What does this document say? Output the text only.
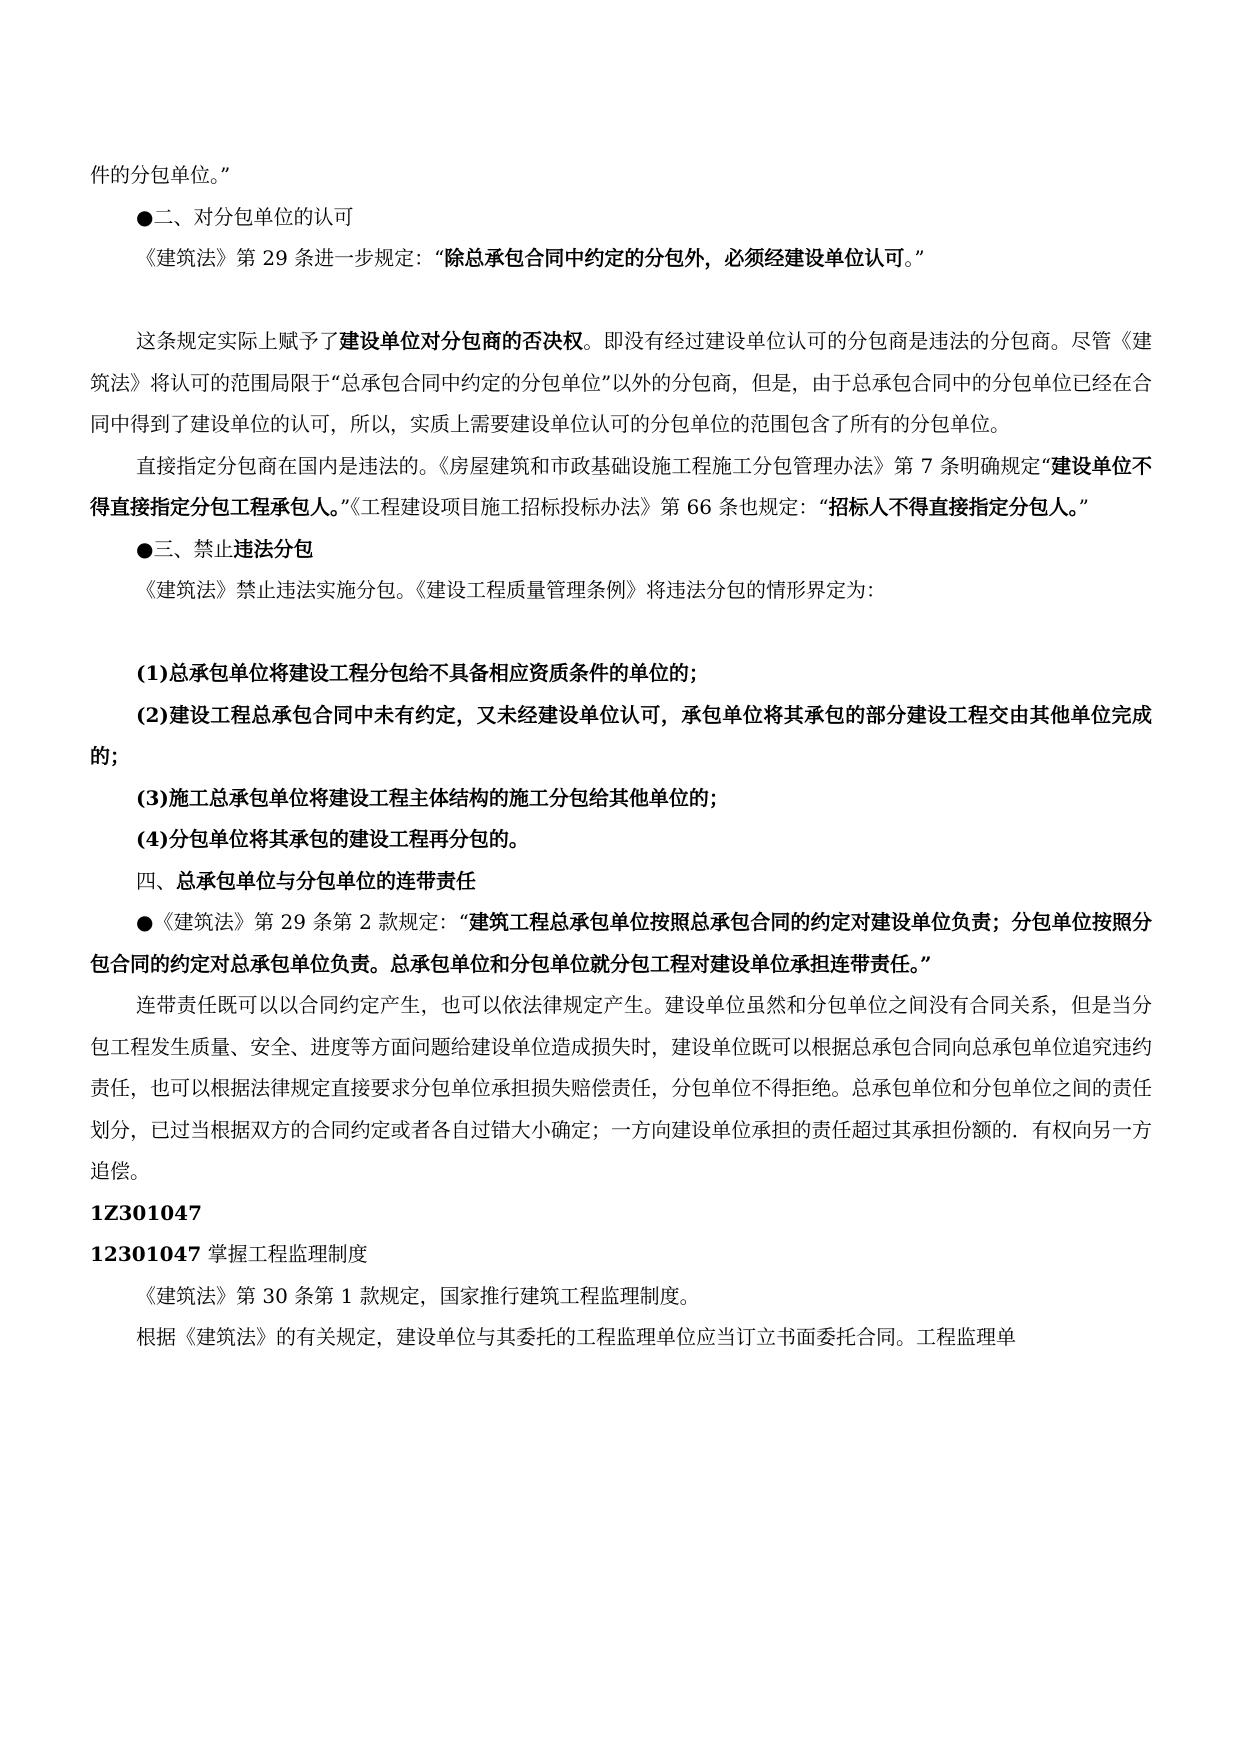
件的分包单位。”

●二、对分包单位的认可

《建筑法》第 29 条进一步规定：“除总承包合同中约定的分包外，必须经建设单位认可。”

这条规定实际上赋予了建设单位对分包商的否决权。即没有经过建设单位认可的分包商是违法的分包商。尽管《建筑法》将认可的范围局限于“总承包合同中约定的分包单位”以外的分包商，但是，由于总承包合同中的分包单位已经在合同中得到了建设单位的认可，所以，实质上需要建设单位认可的分包单位的范围包含了所有的分包单位。

直接指定分包商在国内是违法的。《房屋建筑和市政基础设施工程施工分包管理办法》第 7 条明确规定“建设单位不得直接指定分包工程承包人。”《工程建设项目施工招标投标办法》第 66 条也规定：“招标人不得直接指定分包人。”

●三、禁止违法分包

《建筑法》禁止违法实施分包。《建设工程质量管理条例》将违法分包的情形界定为：

(1)总承包单位将建设工程分包给不具备相应资质条件的单位的；

(2)建设工程总承包合同中未有约定，又未经建设单位认可，承包单位将其承包的部分建设工程交由其他单位完成的；

(3)施工总承包单位将建设工程主体结构的施工分包给其他单位的；

(4)分包单位将其承包的建设工程再分包的。

四、总承包单位与分包单位的连带责任

●《建筑法》第 29 条第 2 款规定：“建筑工程总承包单位按照总承包合同的约定对建设单位负责；分包单位按照分包合同的约定对总承包单位负责。总承包单位和分包单位就分包工程对建设单位承担连带责任。”

连带责任既可以以合同约定产生，也可以依法律规定产生。建设单位虽然和分包单位之间没有合同关系，但是当分包工程发生质量、安全、进度等方面问题给建设单位造成损失时，建设单位既可以根据总承包合同向总承包单位追究违约责任，也可以根据法律规定直接要求分包单位承担损失赔偿责任，分包单位不得拒绝。总承包单位和分包单位之间的责任划分，已过当根据双方的合同约定或者各自过错大小确定；一方向建设单位承担的责任超过其承担份额的．有权向另一方追偿。

1Z301047

12301047 掌握工程监理制度

《建筑法》第 30 条第 1 款规定，国家推行建筑工程监理制度。

根据《建筑法》的有关规定，建设单位与其委托的工程监理单位应当订立书面委托合同。工程监理单
